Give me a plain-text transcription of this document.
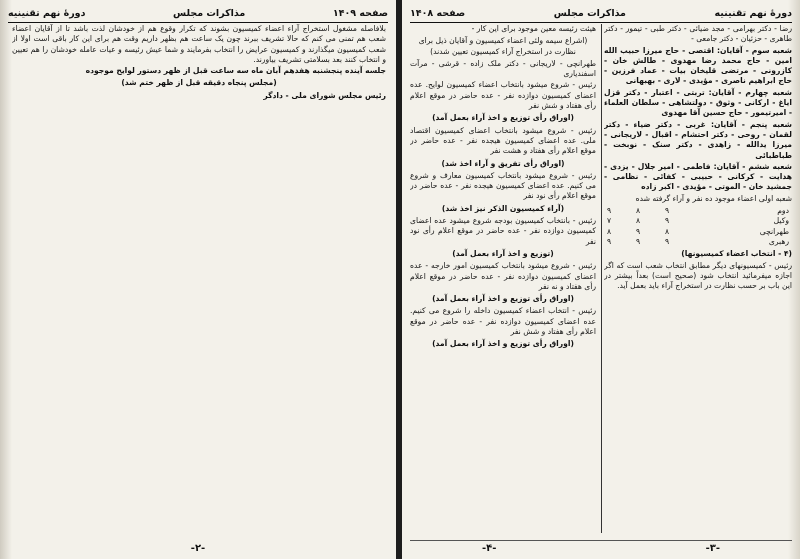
صفحه ۱۴۰۹
مذاکرات مجلس
دورهٔ نهم تقنینیه

بلافاصله مشغول استخراج آراء اعضاء کمیسیون بشوند که تکرار وقوع هم از خودشان لذت باشد تا از آقایان اعضاء شعب هم تمنی می کنم که حالا تشریف ببرند چون یک ساعت هم بظهر داریم وقت هم برای این کار باقی است اولا از شعب کمیسیون میگذارند و کمیسیون عرایض را انتخاب بفرمایند و شما عیش رئیسه و عیات عامله خودشان را هم تعیین و انتخاب کنند بعد بسلامتی تشریف بیاورند.

جلسه آینده پنجشنبه هفدهم آبان ماه سه ساعت قبل از ظهر دستور لوایح موجوده

(مجلس پنجاه دقیقه قبل از ظهر ختم شد)

رئیس مجلس شورای ملی - دادگر

-۲-
دورهٔ نهم تقنینیه
مذاکرات مجلس
صفحه ۱۴۰۸

رضا - دکتر بهرامی - مجد ضیائی - دکتر طبی - تیمور - دکتر طاهری - حزئیان - دکتر جامعی -

شعبه سوم - آقایان: اقتصی - حاج میرزا حبیب الله امین - حاج محمد رضا مهدوی - طالش خان - کازرونی - مرتضی قلیخان بیات - عماد فرزین - حاج ابراهیم ناصری - مؤیدی - لاری - بهبهانی

شعبه چهارم - آقایان: تربتی - اعتبار - دکتر قزل ایاغ - ارکانی - وثوق - دولتشاهی - سلطان العلماء - امیرتیمور - حاج حسین آقا مهدوی

شعبه پنجم - آقایان: غربی - دکتر ضیاء - دکتر لقمان - روحی - دکتر احتشام - اقبال - لاریجانی - میرزا یدالله - زاهدی - دکتر سنک - نوبخت - طباطبائی

شعبه ششم - آقایان: فاطمی - امیر جلال - یزدی - هدایت - کرکانی - حبیبی - کفائی - نظامی - جمشید خان - الموتی - مؤیدی - اکبر زاده

شعبه اولی اعضاء موجود ده نفر و آراء گرفته شده

دوم	۹	۸	۹
وکیل	۹	۸	۷
طهرانچی	۸	۹	۸
رهبری	۹	۹	۹

(۴ - انتخاب اعضاء کمیسیونها)

رئیس - کمیسیونهای دیگر مطابق انتخاب شعب است که اگر اجازه میفرمائید انتخاب شود (صحیح است) بعداً بیشتر در این باب بر حسب نظارت در استخراج آراء باید بعمل آید.

هیئت رئیسه معین موجود برای این کار -

(اشراع سیمه ولئی اعضاء کمیسیون و آقایان ذیل برای نظارت در استخراج آراء کمیسیون تعیین شدند)

طهرانچی - لاریجانی - دکتر ملک زاده - قرشی - مرآت اسفندیاری

رئیس - شروع میشود بانتخاب اعضاء کمیسیون لوایح. عده اعضای کمیسیون دوازده نفر - عده حاضر در موقع اعلام رأی هفتاد و شش نفر

(اوراق رأی توزیع و اخذ آراء بعمل آمد)

رئیس - شروع میشود بانتخاب اعضای کمیسیون اقتصاد ملی. عده اعضای کمیسیون هیجده نفر - عده حاضر در موقع اعلام رأی هفتاد و هشت نفر

(اوراق رأی تفریق و آراء اخذ شد)

رئیس - شروع میشود بانتخاب کمیسیون معارف و شروع می کنیم. عده اعضای کمیسیون هیجده نفر - عده حاضر در موقع اعلام رأی نود نفر

(آراء کمیسیون الذکر نیز اخذ شد)

رئیس - بانتخاب کمیسیون بودجه شروع میشود عده اعضای کمیسیون دوازده نفر - عده حاضر در موقع اعلام رأی نود نفر

(توزیع و اخذ آراء بعمل آمد)

رئیس - شروع میشود بانتخاب کمیسیون امور خارجه - عده اعضای کمیسیون دوازده نفر - عده حاضر در موقع اعلام رأی هفتاد و نه نفر

(اوراق رأی توزیع و اخذ آراء بعمل آمد)

رئیس - انتخاب اعضاء کمیسیون داخله را شروع می کنیم. عده اعضای کمیسیون دوازده نفر - عده حاضر در موقع اعلام رأی هفتاد و شش نفر

(اوراق رأی توزیع و اخذ آراء بعمل آمد)

-۳-
-۴-
